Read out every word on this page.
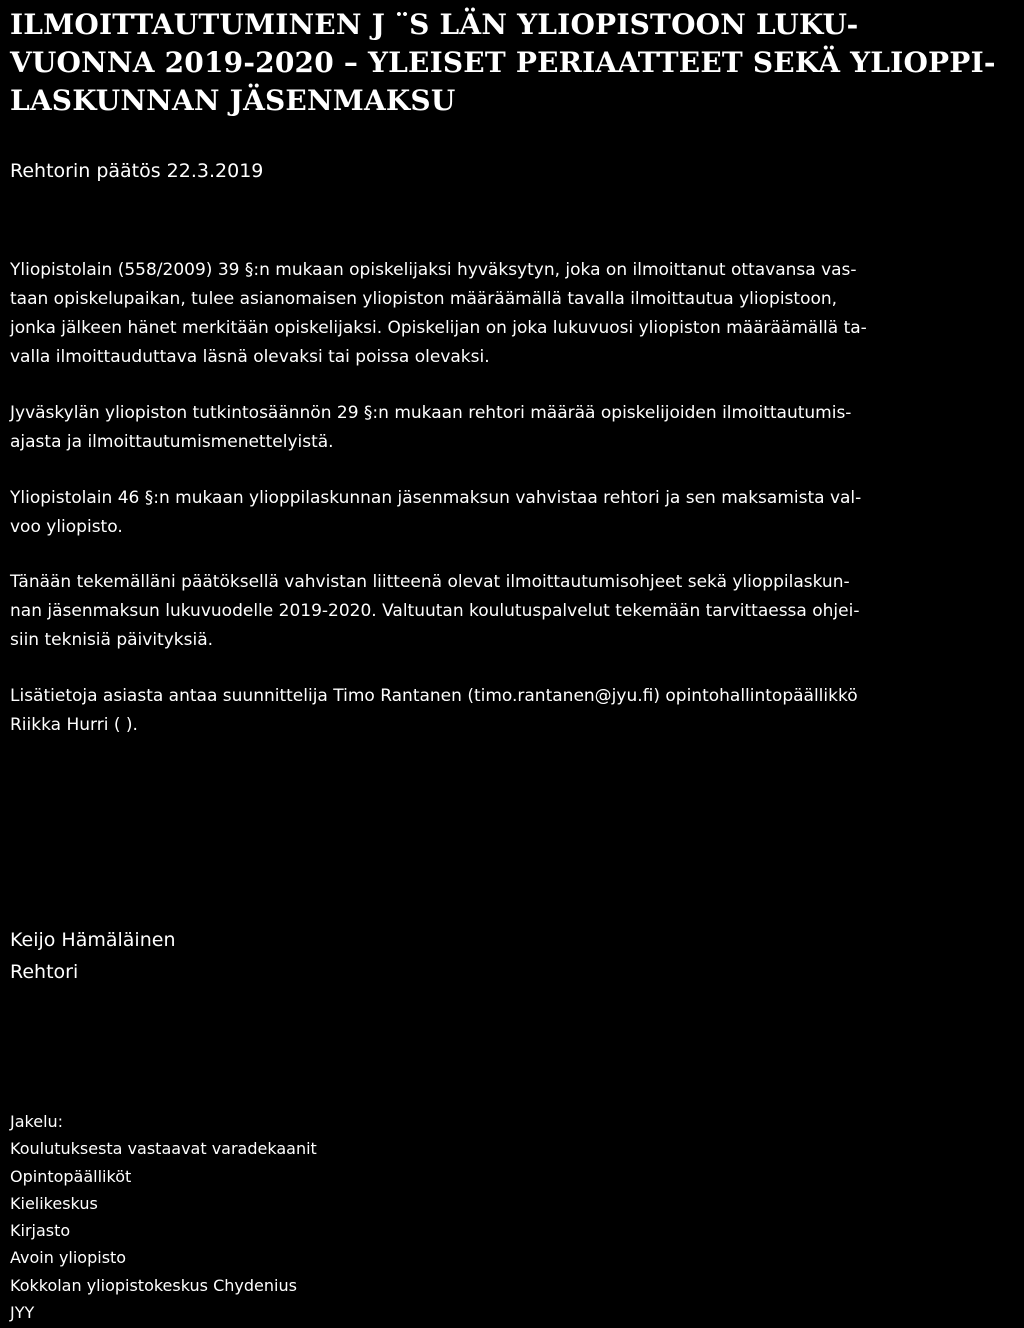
ILMOITTAUTUMINEN J ¨S LÄN YLIOPISTOON LUKU-
VUONNA 2019-2020 – YLEISET PERIAATTEET SEKÄ YLIOPPI-
LASKUNNAN JÄSENMAKSU

Rehtorin päätös 22.3.2019

Yliopistolain (558/2009) 39 §:n mukaan opiskelijaksi hyväksytyn, joka on ilmoittanut ottavansa vas-
taan opiskelupaikan, tulee asianomaisen yliopiston määräämällä tavalla ilmoittautua yliopistoon,
jonka jälkeen hänet merkitään opiskelijaksi. Opiskelijan on joka lukuvuosi yliopiston määräämällä ta-
valla ilmoittauduttava läsnä olevaksi tai poissa olevaksi.

Jyväskylän yliopiston tutkintosäännön 29 §:n mukaan rehtori määrää opiskelijoiden ilmoittautumis-
ajasta ja ilmoittautumismenettelyistä.

Yliopistolain 46 §:n mukaan ylioppilaskunnan jäsenmaksun vahvistaa rehtori ja sen maksamista val-
voo yliopisto.

Tänään tekemälläni päätöksellä vahvistan liitteenä olevat ilmoittautumisohjeet sekä ylioppilaskun-
nan jäsenmaksun lukuvuodelle 2019-2020. Valtuutan koulutuspalvelut tekemään tarvittaessa ohjei-
siin teknisiä päivityksiä.

Lisätietoja asiasta antaa suunnittelija Timo Rantanen (timo.rantanen@jyu.fi) opintohallintopäällikkö
Riikka Hurri ( ).

Keijo Hämäläinen
Rehtori
Jakelu:
Koulutuksesta vastaavat varadekaanit
Opintopäälliköt
Kielikeskus
Kirjasto
Avoin yliopisto
Kokkolan yliopistokeskus Chydenius
JYY
